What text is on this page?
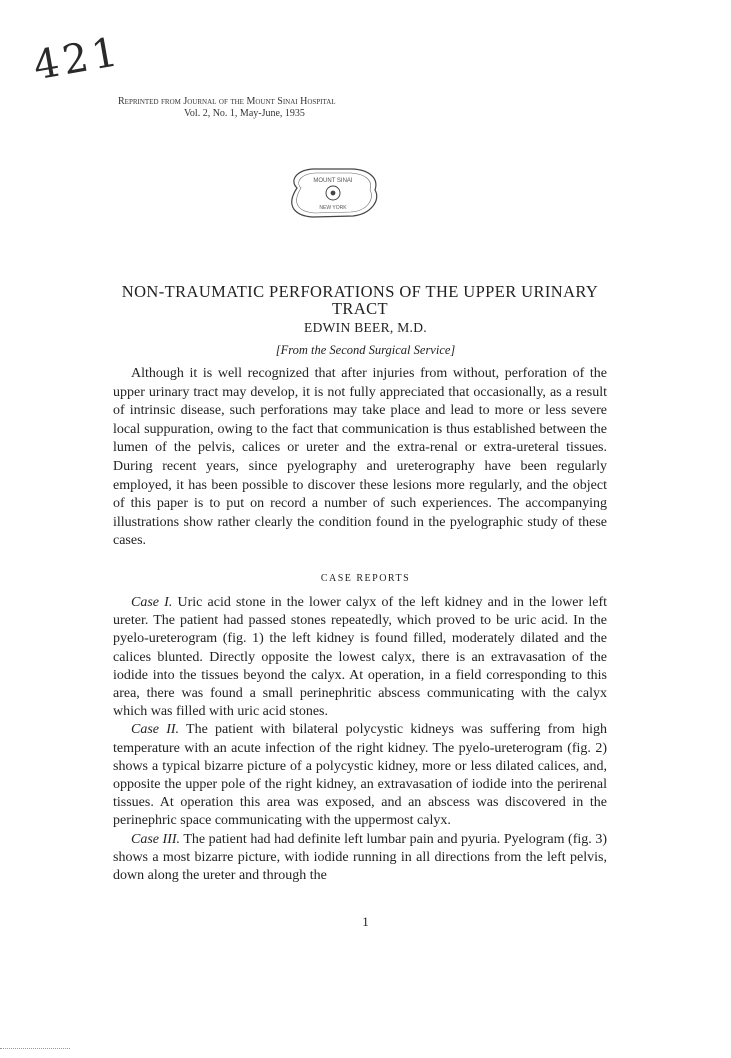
421
Reprinted from Journal of the Mount Sinai Hospital
Vol. 2, No. 1, May-June, 1935
MOUNT SINAI
NEW YORK
NON-TRAUMATIC PERFORATIONS OF THE UPPER URINARY TRACT
EDWIN BEER, M.D.
[From the Second Surgical Service]

Although it is well recognized that after injuries from without, perforation of the upper urinary tract may develop, it is not fully appreciated that occasionally, as a result of intrinsic disease, such perforations may take place and lead to more or less severe local suppuration, owing to the fact that communication is thus established between the lumen of the pelvis, calices or ureter and the extra-renal or extra-ureteral tissues. During recent years, since pyelography and ureterography have been regularly employed, it has been possible to discover these lesions more regularly, and the object of this paper is to put on record a number of such experiences. The accompanying illustrations show rather clearly the condition found in the pyelographic study of these cases.

CASE REPORTS

Case I. Uric acid stone in the lower calyx of the left kidney and in the lower left ureter. The patient had passed stones repeatedly, which proved to be uric acid. In the pyelo-ureterogram (fig. 1) the left kidney is found filled, moderately dilated and the calices blunted. Directly opposite the lowest calyx, there is an extravasation of the iodide into the tissues beyond the calyx. At operation, in a field corresponding to this area, there was found a small perinephritic abscess communicating with the calyx which was filled with uric acid stones.

Case II. The patient with bilateral polycystic kidneys was suffering from high temperature with an acute infection of the right kidney. The pyelo-ureterogram (fig. 2) shows a typical bizarre picture of a polycystic kidney, more or less dilated calices, and, opposite the upper pole of the right kidney, an extravasation of iodide into the perirenal tissues. At operation this area was exposed, and an abscess was discovered in the perinephric space communicating with the uppermost calyx.

Case III. The patient had had definite left lumbar pain and pyuria. Pyelogram (fig. 3) shows a most bizarre picture, with iodide running in all directions from the left pelvis, down along the ureter and through the

1
